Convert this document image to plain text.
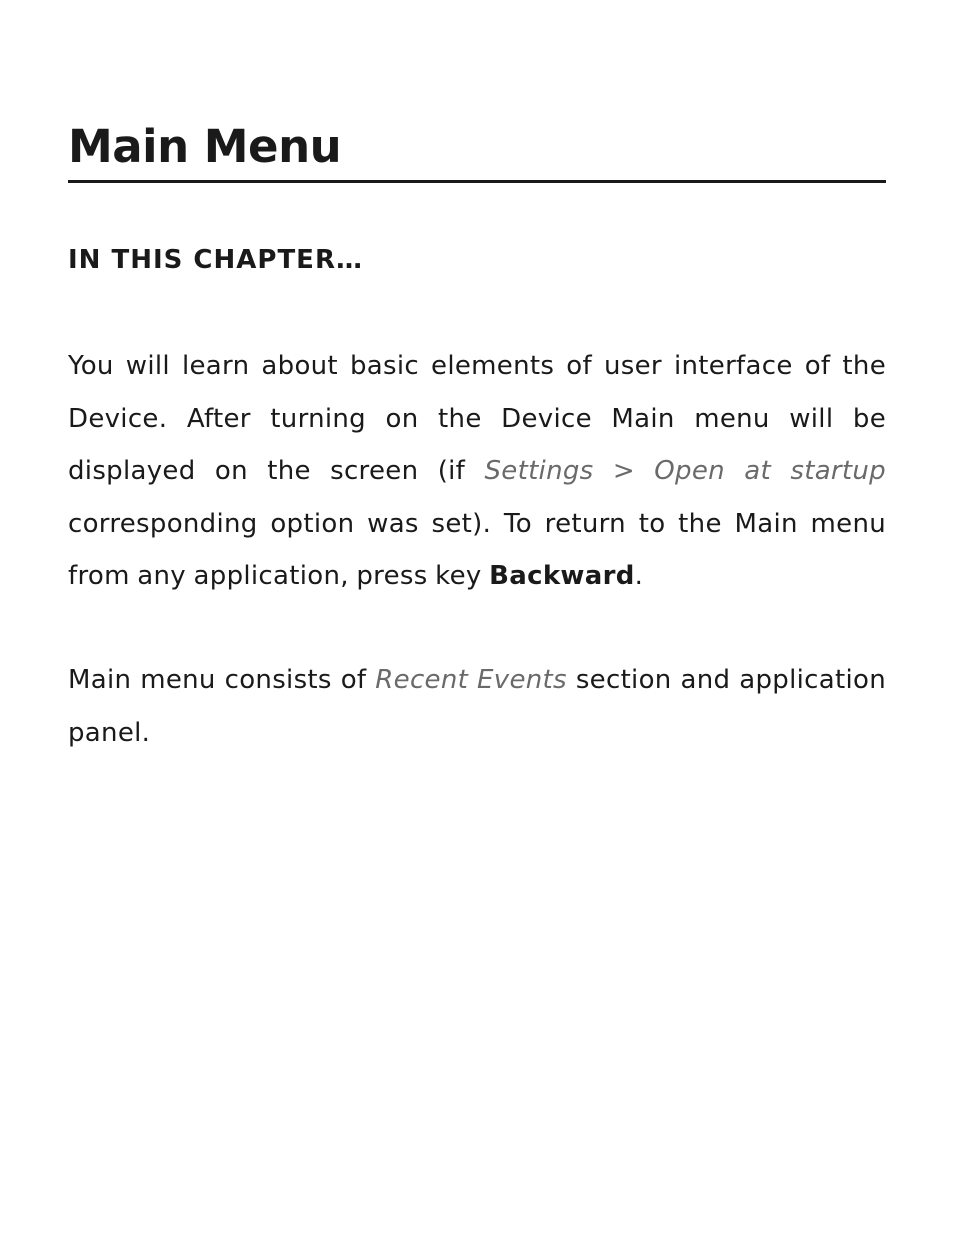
Main Menu
IN THIS CHAPTER…

You will learn about basic elements of user interface of the Device. After turning on the Device Main menu will be displayed on the screen (if Settings > Open at startup corresponding option was set). To return to the Main menu from any application, press key Backward.

Main menu consists of Recent Events section and application panel.
